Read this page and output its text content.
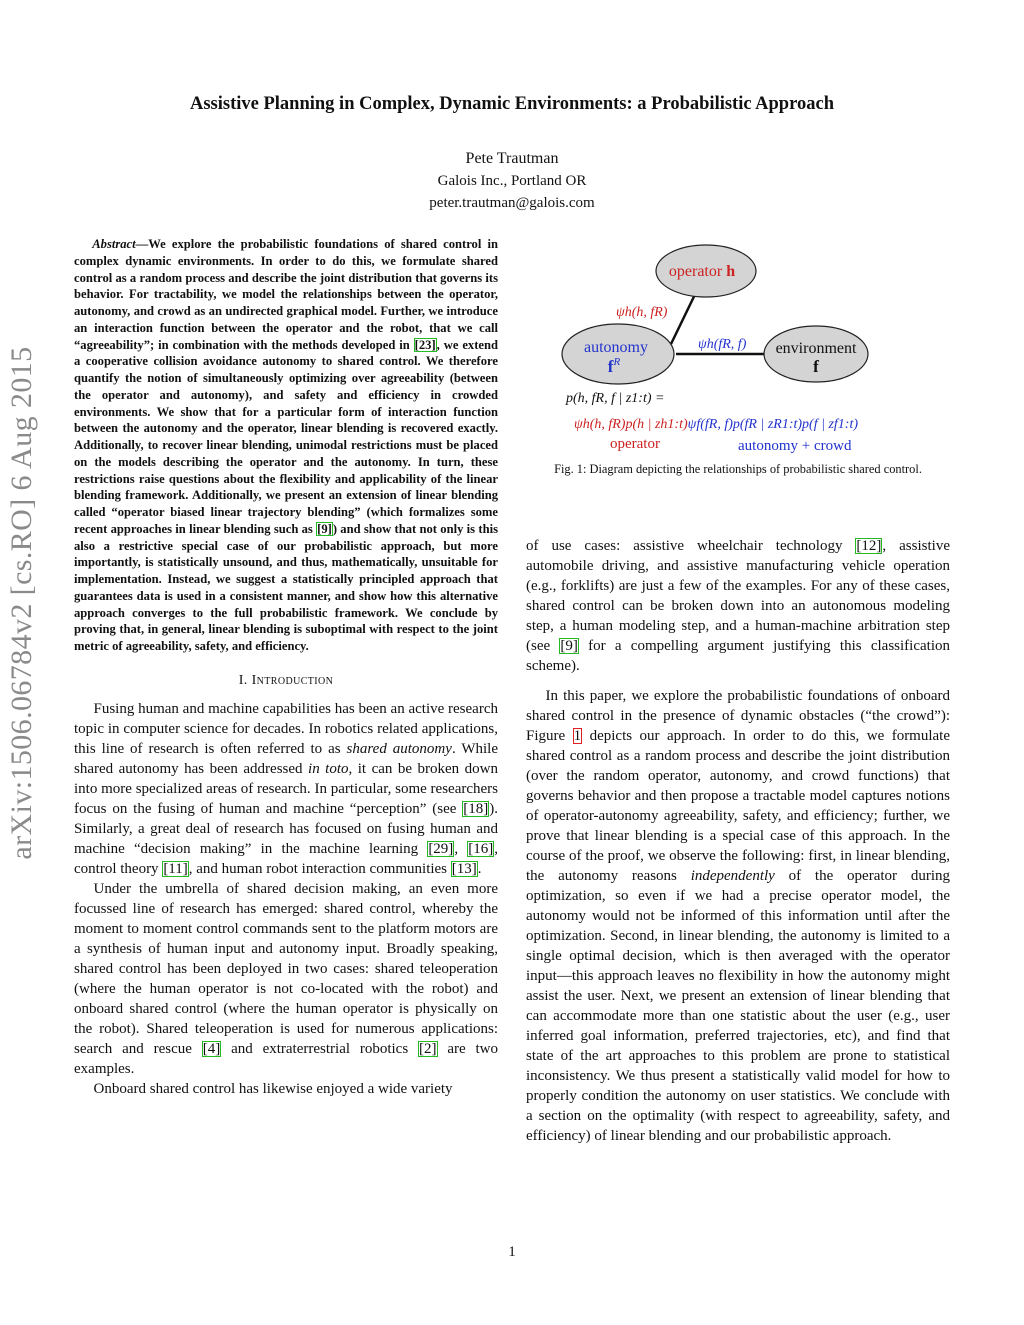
arXiv:1506.06784v2 [cs.RO] 6 Aug 2015
Assistive Planning in Complex, Dynamic Environments: a Probabilistic Approach
Pete Trautman
Galois Inc., Portland OR
peter.trautman@galois.com

Abstract—We explore the probabilistic foundations of shared control in complex dynamic environments. In order to do this, we formulate shared control as a random process and describe the joint distribution that governs its behavior. For tractability, we model the relationships between the operator, autonomy, and crowd as an undirected graphical model. Further, we introduce an interaction function between the operator and the robot, that we call “agreeability”; in combination with the methods developed in [23], we extend a cooperative collision avoidance autonomy to shared control. We therefore quantify the notion of simultaneously optimizing over agreeability (between the operator and autonomy), and safety and efficiency in crowded environments. We show that for a particular form of interaction function between the autonomy and the operator, linear blending is recovered exactly. Additionally, to recover linear blending, unimodal restrictions must be placed on the models describing the operator and the autonomy. In turn, these restrictions raise questions about the flexibility and applicability of the linear blending framework. Additionally, we present an extension of linear blending called “operator biased linear trajectory blending” (which formalizes some recent approaches in linear blending such as [9]) and show that not only is this also a restrictive special case of our probabilistic approach, but more importantly, is statistically unsound, and thus, mathematically, unsuitable for implementation. Instead, we suggest a statistically principled approach that guarantees data is used in a consistent manner, and show how this alternative approach converges to the full probabilistic framework. We conclude by proving that, in general, linear blending is suboptimal with respect to the joint metric of agreeability, safety, and efficiency.

I. Introduction

Fusing human and machine capabilities has been an active research topic in computer science for decades. In robotics related applications, this line of research is often referred to as shared autonomy. While shared autonomy has been addressed in toto, it can be broken down into more specialized areas of research. In particular, some researchers focus on the fusing of human and machine “perception” (see [18]). Similarly, a great deal of research has focused on fusing human and machine “decision making” in the machine learning [29], [16], control theory [11], and human robot interaction communities [13].

Under the umbrella of shared decision making, an even more focussed line of research has emerged: shared control, whereby the moment to moment control commands sent to the platform motors are a synthesis of human input and autonomy input. Broadly speaking, shared control has been deployed in two cases: shared teleoperation (where the human operator is not co-located with the robot) and onboard shared control (where the human operator is physically on the robot). Shared teleoperation is used for numerous applications: search and rescue [4] and extraterrestrial robotics [2] are two examples.

Onboard shared control has likewise enjoyed a wide variety

operator h
autonomy
$f^R$
environment
f
ψh(h, fR)
ψh(fR, f)
p(h, fR, f | z1:t) =
ψh(h, fR)p(h | zh1:t)ψf(fR, f)p(fR | zR1:t)p(f | zf1:t)
operator	autonomy + crowd

Fig. 1: Diagram depicting the relationships of probabilistic shared control.

of use cases: assistive wheelchair technology [12], assistive automobile driving, and assistive manufacturing vehicle operation (e.g., forklifts) are just a few of the examples. For any of these cases, shared control can be broken down into an autonomous modeling step, a human modeling step, and a human-machine arbitration step (see [9] for a compelling argument justifying this classification scheme).

In this paper, we explore the probabilistic foundations of onboard shared control in the presence of dynamic obstacles (“the crowd”): Figure 1 depicts our approach. In order to do this, we formulate shared control as a random process and describe the joint distribution (over the random operator, autonomy, and crowd functions) that governs behavior and then propose a tractable model captures notions of operator-autonomy agreeability, safety, and efficiency; further, we prove that linear blending is a special case of this approach. In the course of the proof, we observe the following: first, in linear blending, the autonomy reasons independently of the operator during optimization, so even if we had a precise operator model, the autonomy would not be informed of this information until after the optimization. Second, in linear blending, the autonomy is limited to a single optimal decision, which is then averaged with the operator input—this approach leaves no flexibility in how the autonomy might assist the user. Next, we present an extension of linear blending that can accommodate more than one statistic about the user (e.g., user inferred goal information, preferred trajectories, etc), and find that state of the art approaches to this problem are prone to statistical inconsistency. We thus present a statistically valid model for how to properly condition the autonomy on user statistics. We conclude with a section on the optimality (with respect to agreeability, safety, and efficiency) of linear blending and our probabilistic approach.

1
